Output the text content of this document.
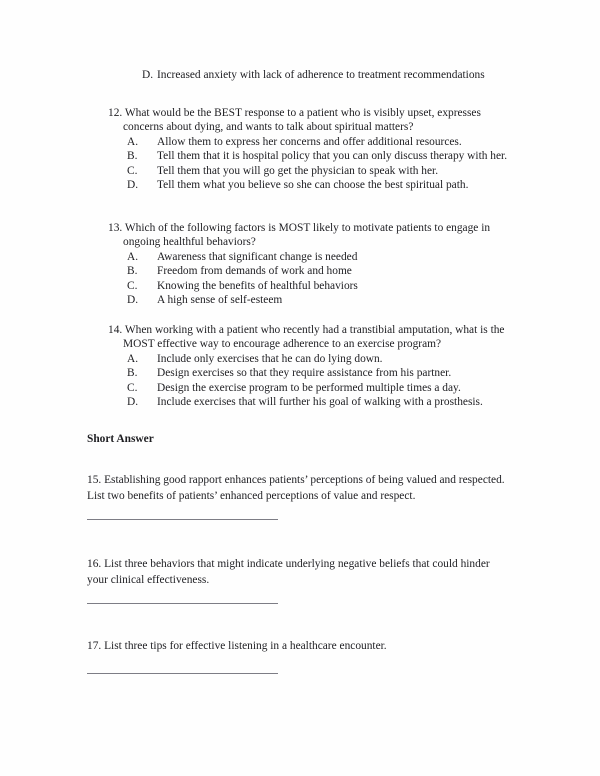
D. Increased anxiety with lack of adherence to treatment recommendations

12. What would be the BEST response to a patient who is visibly upset, expresses concerns about dying, and wants to talk about spiritual matters?

A. Allow them to express her concerns and offer additional resources.
B. Tell them that it is hospital policy that you can only discuss therapy with her.
C. Tell them that you will go get the physician to speak with her.
D. Tell them what you believe so she can choose the best spiritual path.

13. Which of the following factors is MOST likely to motivate patients to engage in ongoing healthful behaviors?

A. Awareness that significant change is needed
B. Freedom from demands of work and home
C. Knowing the benefits of healthful behaviors
D. A high sense of self-esteem

14. When working with a patient who recently had a transtibial amputation, what is the MOST effective way to encourage adherence to an exercise program?

A. Include only exercises that he can do lying down.
B. Design exercises so that they require assistance from his partner.
C. Design the exercise program to be performed multiple times a day.
D. Include exercises that will further his goal of walking with a prosthesis.
Short Answer
15. Establishing good rapport enhances patients’ perceptions of being valued and respected. List two benefits of patients’ enhanced perceptions of value and respect.
16. List three behaviors that might indicate underlying negative beliefs that could hinder your clinical effectiveness.
17. List three tips for effective listening in a healthcare encounter.
